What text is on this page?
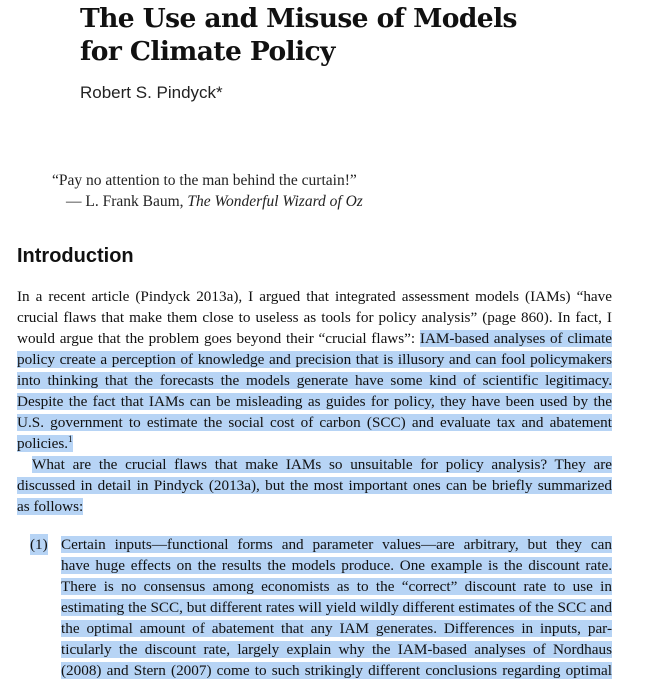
The Use and Misuse of Models
for Climate Policy
Robert S. Pindyck*
“Pay no attention to the man behind the curtain!”
— L. Frank Baum, The Wonderful Wizard of Oz
Introduction
In a recent article (Pindyck 2013a), I argued that integrated assessment models (IAMs) “have
crucial flaws that make them close to useless as tools for policy analysis” (page 860). In fact, I
would argue that the problem goes beyond their “crucial flaws”: IAM-based analyses of climate
policy create a perception of knowledge and precision that is illusory and can fool policymakers
into thinking that the forecasts the models generate have some kind of scientific legitimacy.
Despite the fact that IAMs can be misleading as guides for policy, they have been used by the
U.S. government to estimate the social cost of carbon (SCC) and evaluate tax and abatement
policies.$^1$
What are the crucial flaws that make IAMs so unsuitable for policy analysis? They are
discussed in detail in Pindyck (2013a), but the most important ones can be briefly summarized
as follows:
(1) Certain inputs—functional forms and parameter values—are arbitrary, but they can
have huge effects on the results the models produce. One example is the discount rate.
There is no consensus among economists as to the “correct” discount rate to use in
estimating the SCC, but different rates will yield wildly different estimates of the SCC and
the optimal amount of abatement that any IAM generates. Differences in inputs, par-
ticularly the discount rate, largely explain why the IAM-based analyses of Nordhaus
(2008) and Stern (2007) come to such strikingly different conclusions regarding optimal
